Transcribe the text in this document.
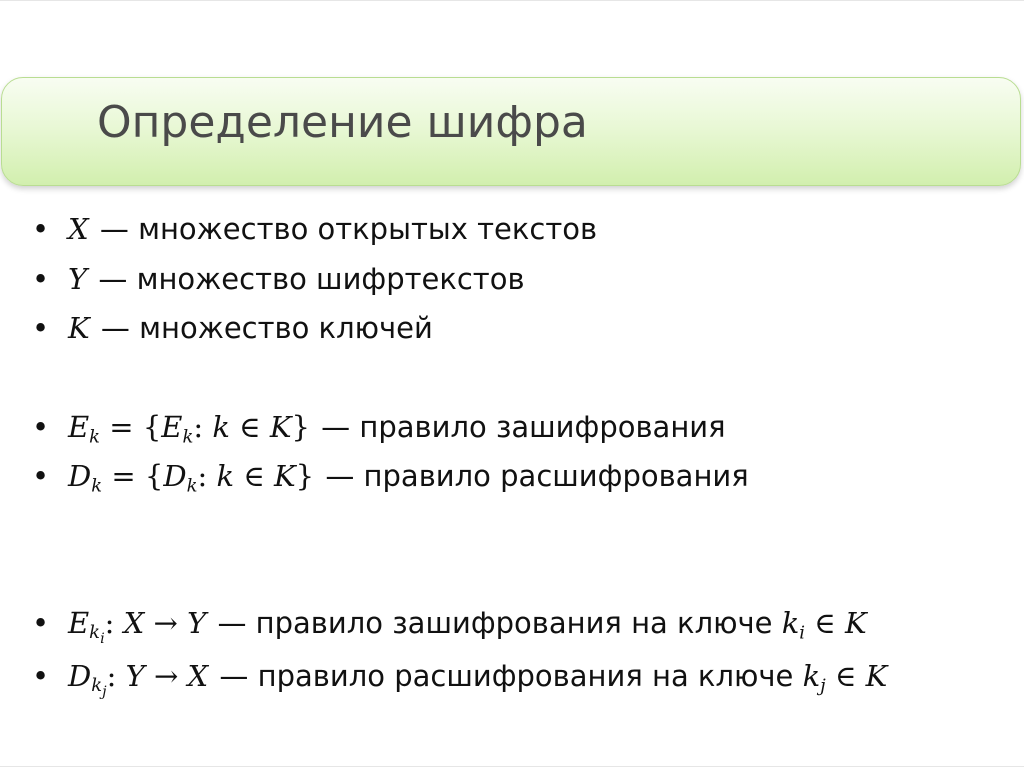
Определение шифра
• X — множество открытых текстов
• Y — множество шифртекстов
• K — множество ключей
• $E_k = \{E_k$: k ∈ K} — правило зашифрования
• $D_k = \{D_k$: k ∈ K} — правило расшифрования
• $E_{k_i}$: X → Y — правило зашифрования на ключе $k_i$ ∈ K
• $D_{k_j}$: Y → X — правило расшифрования на ключе $k_j$ ∈ K
